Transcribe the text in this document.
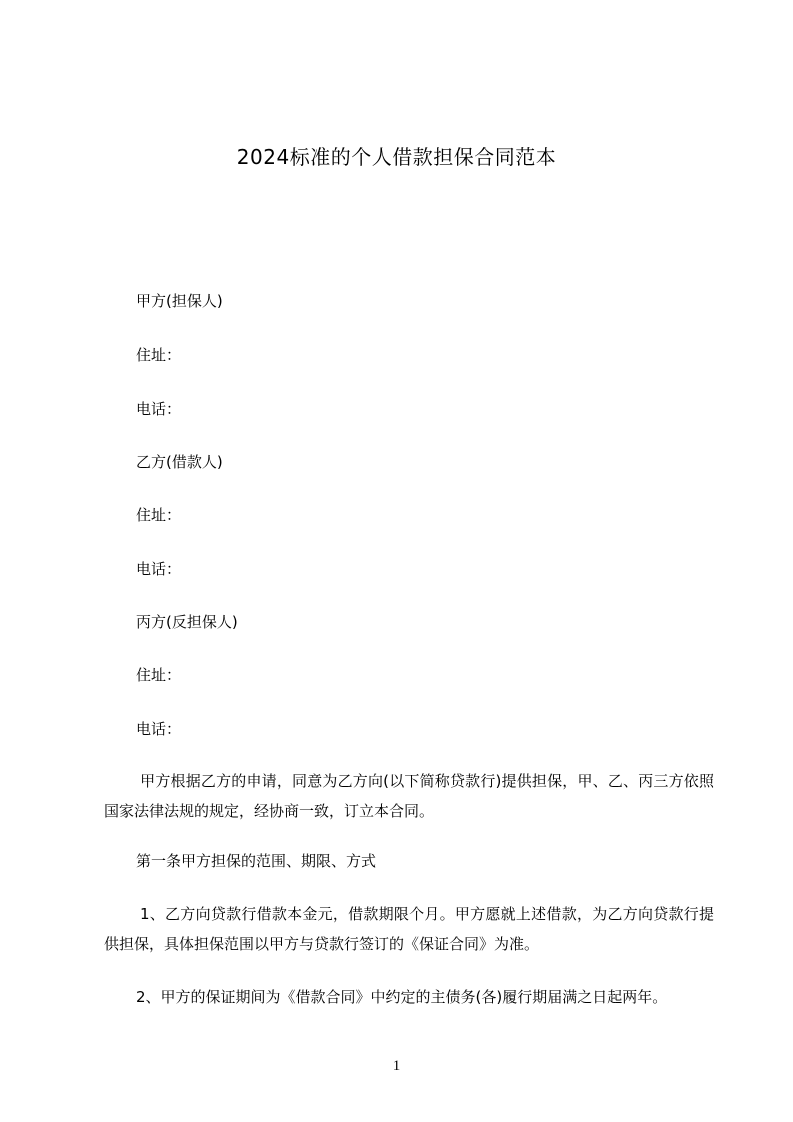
2024标准的个人借款担保合同范本
甲方(担保人)
住址：
电话：
乙方(借款人)
住址：
电话：
丙方(反担保人)
住址：
电话：
甲方根据乙方的申请，同意为乙方向(以下简称贷款行)提供担保，甲、乙、丙三方依照国家法律法规的规定，经协商一致，订立本合同。
第一条甲方担保的范围、期限、方式
1、乙方向贷款行借款本金元，借款期限个月。甲方愿就上述借款，为乙方向贷款行提供担保，具体担保范围以甲方与贷款行签订的《保证合同》为准。
2、甲方的保证期间为《借款合同》中约定的主债务(各)履行期届满之日起两年。
1
